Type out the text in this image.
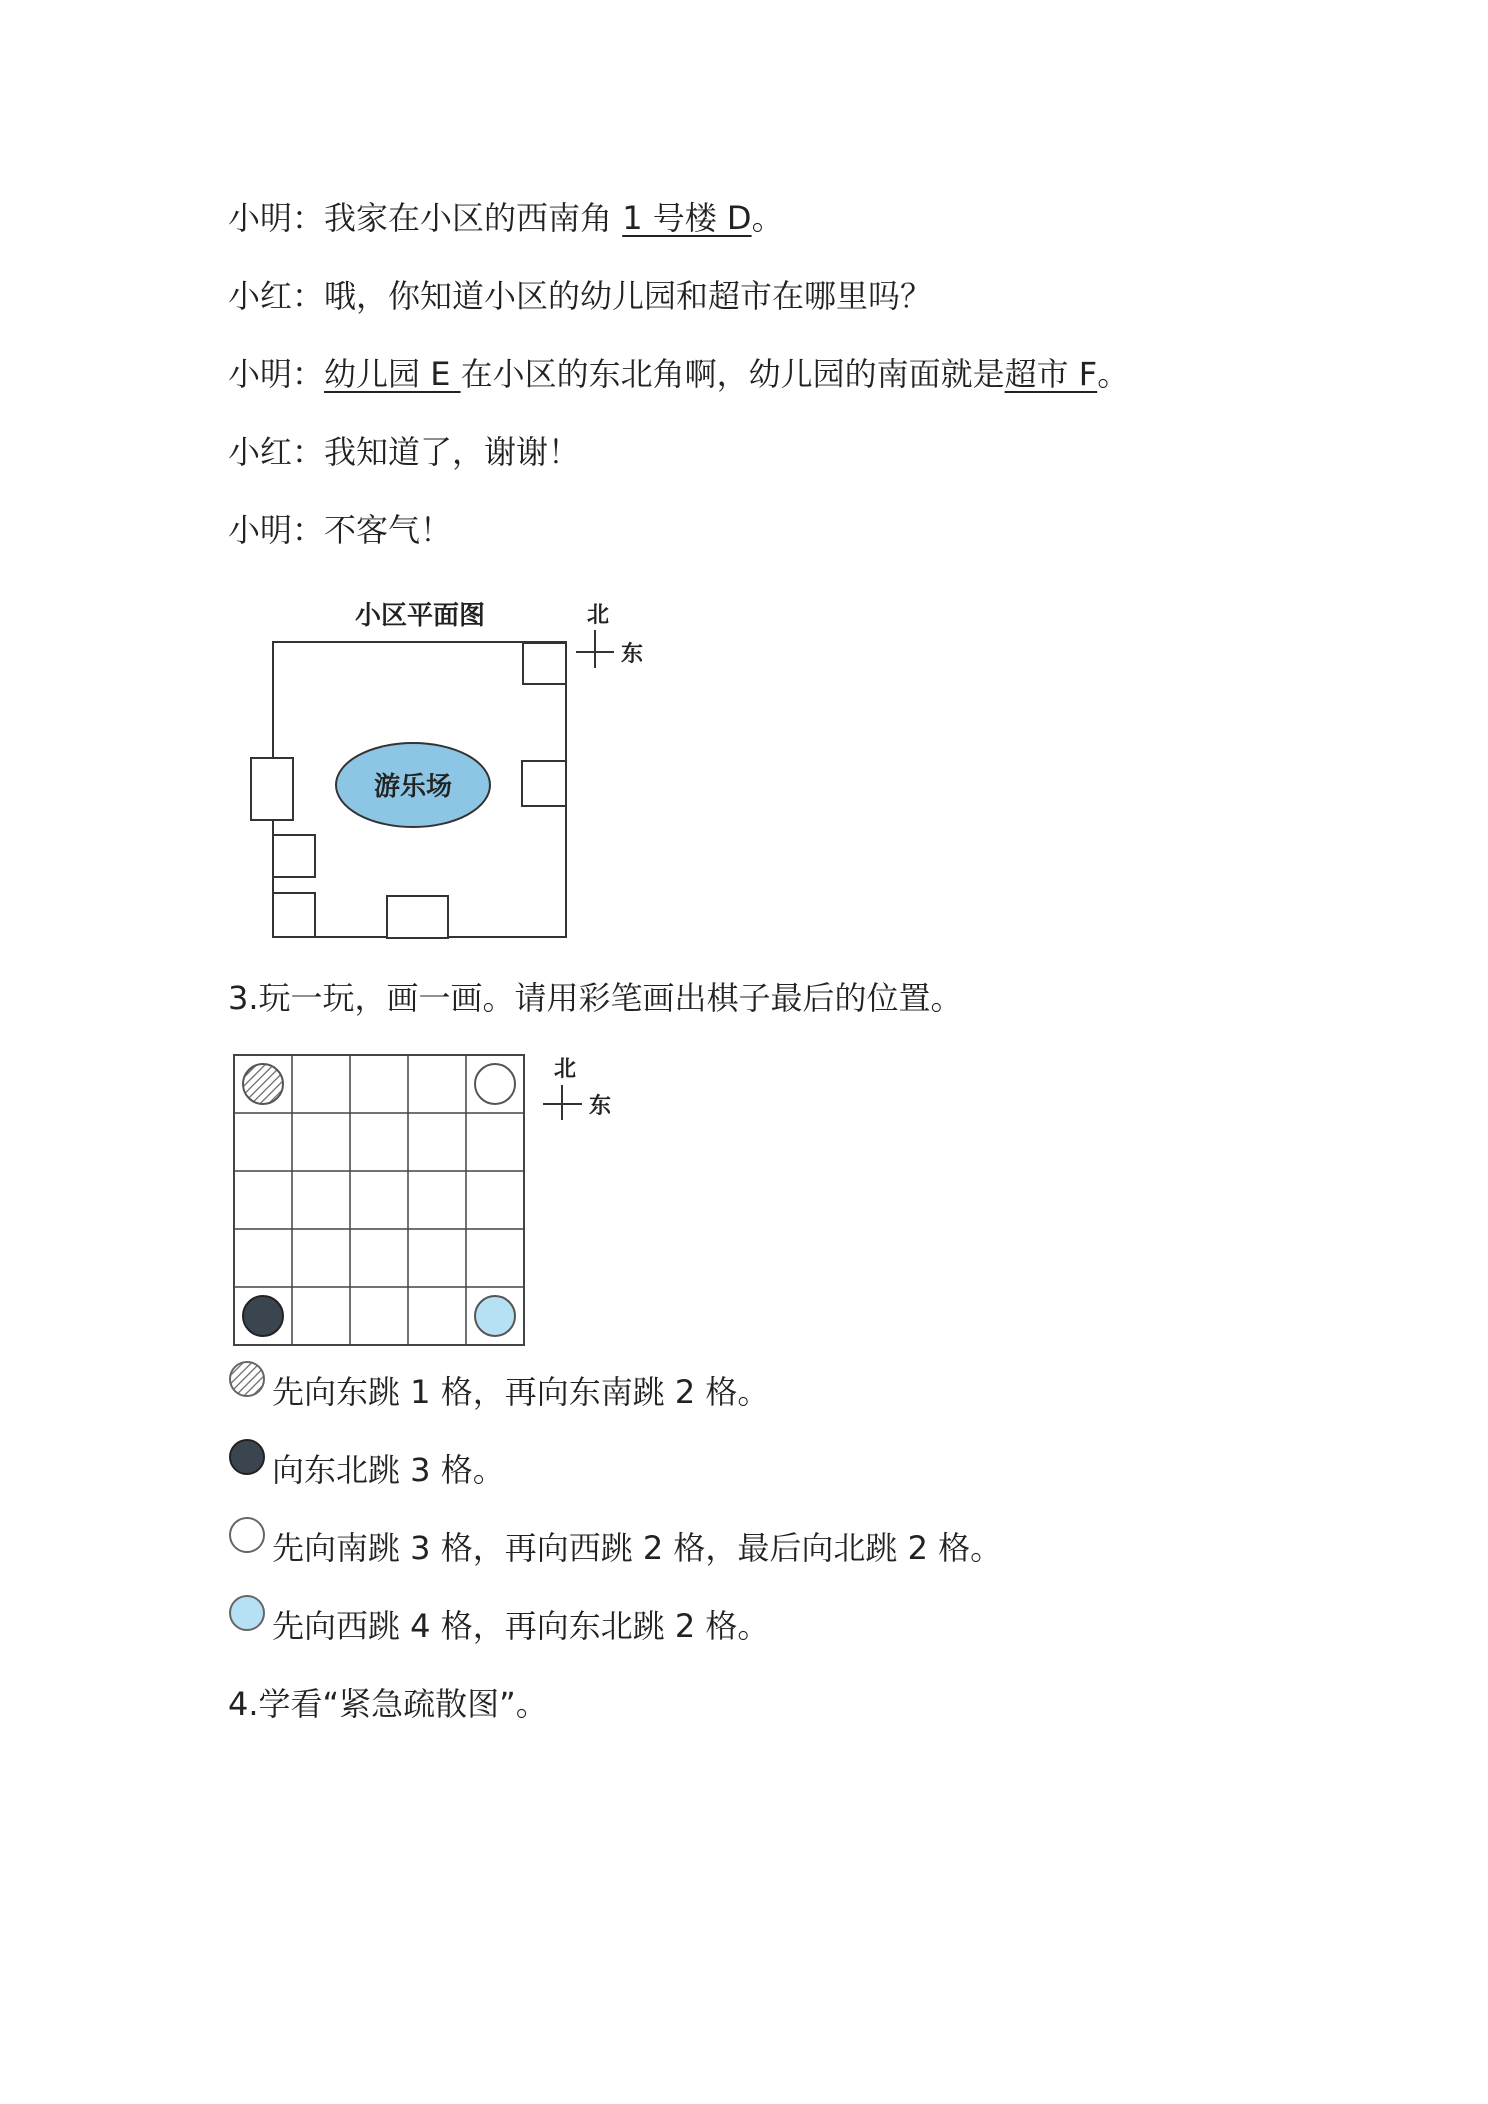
小明：我家在小区的西南角 1 号楼 D。
小红：哦，你知道小区的幼儿园和超市在哪里吗？
小明：幼儿园 E 在小区的东北角啊，幼儿园的南面就是超市 F。
小红：我知道了，谢谢！
小明：不客气！
小区平面图
游乐场
北
东
3.玩一玩，画一画。请用彩笔画出棋子最后的位置。
北
东
先向东跳 1 格，再向东南跳 2 格。
向东北跳 3 格。
先向南跳 3 格，再向西跳 2 格，最后向北跳 2 格。
先向西跳 4 格，再向东北跳 2 格。
4.学看“紧急疏散图”。
